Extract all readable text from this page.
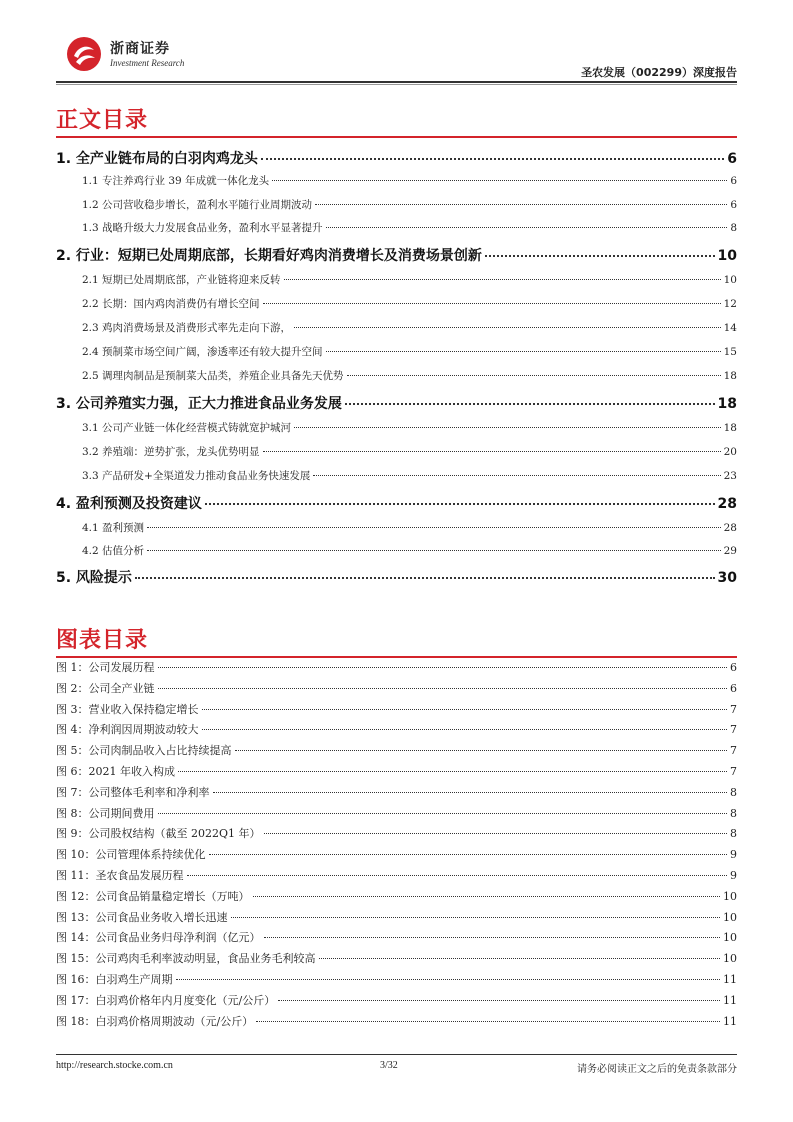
浙商证券
Investment Research
圣农发展（002299）深度报告
正文目录
1. 全产业链布局的白羽肉鸡龙头	6
1.1 专注养鸡行业 39 年成就一体化龙头	6
1.2 公司营收稳步增长，盈利水平随行业周期波动	6
1.3 战略升级大力发展食品业务，盈利水平显著提升	8
2. 行业：短期已处周期底部，长期看好鸡肉消费增长及消费场景创新	10
2.1 短期已处周期底部，产业链将迎来反转	10
2.2 长期：国内鸡肉消费仍有增长空间	12
2.3 鸡肉消费场景及消费形式率先走向下游，	14
2.4 预制菜市场空间广阔，渗透率还有较大提升空间	15
2.5 调理肉制品是预制菜大品类，养殖企业具备先天优势	18
3. 公司养殖实力强，正大力推进食品业务发展	18
3.1 公司产业链一体化经营模式铸就宽护城河	18
3.2 养殖端：逆势扩张，龙头优势明显	20
3.3 产品研发+全渠道发力推动食品业务快速发展	23
4. 盈利预测及投资建议	28
4.1 盈利预测	28
4.2 估值分析	29
5. 风险提示	30
图表目录
图 1：公司发展历程	6
图 2：公司全产业链	6
图 3：营业收入保持稳定增长	7
图 4：净利润因周期波动较大	7
图 5：公司肉制品收入占比持续提高	7
图 6：2021 年收入构成	7
图 7：公司整体毛利率和净利率	8
图 8：公司期间费用	8
图 9：公司股权结构（截至 2022Q1 年）	8
图 10：公司管理体系持续优化	9
图 11：圣农食品发展历程	9
图 12：公司食品销量稳定增长（万吨）	10
图 13：公司食品业务收入增长迅速	10
图 14：公司食品业务归母净利润（亿元）	10
图 15：公司鸡肉毛利率波动明显，食品业务毛利较高	10
图 16：白羽鸡生产周期	11
图 17：白羽鸡价格年内月度变化（元/公斤）	11
图 18：白羽鸡价格周期波动（元/公斤）	11
http://research.stocke.com.cn	3/32	请务必阅读正文之后的免责条款部分
